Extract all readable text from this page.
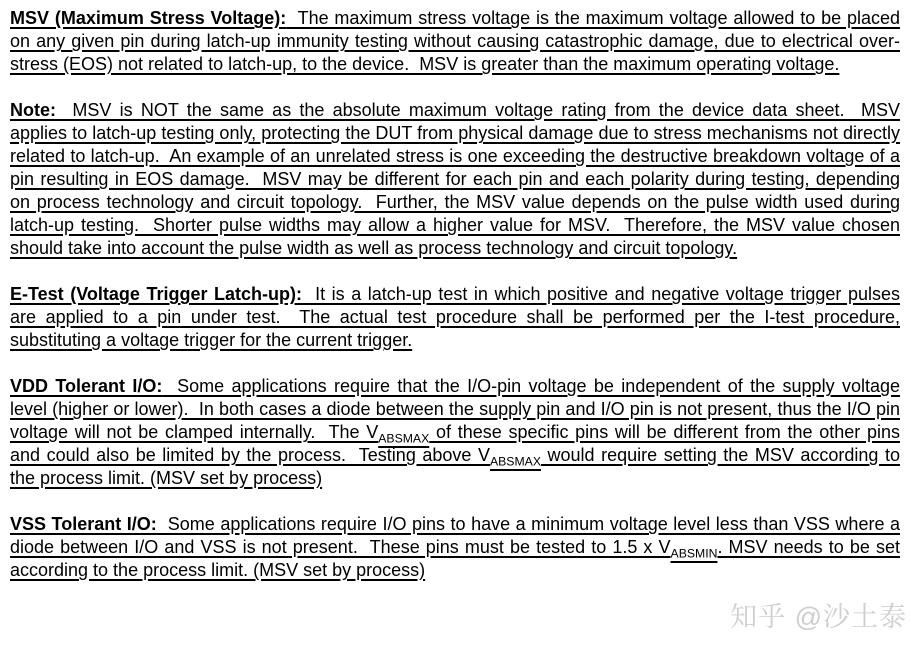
MSV (Maximum Stress Voltage):  The maximum stress voltage is the maximum voltage allowed to be placed on any given pin during latch-up immunity testing without causing catastrophic damage, due to electrical over-stress (EOS) not related to latch-up, to the device.  MSV is greater than the maximum operating voltage.

Note:  MSV is NOT the same as the absolute maximum voltage rating from the device data sheet.  MSV applies to latch-up testing only, protecting the DUT from physical damage due to stress mechanisms not directly related to latch-up.  An example of an unrelated stress is one exceeding the destructive breakdown voltage of a pin resulting in EOS damage.  MSV may be different for each pin and each polarity during testing, depending on process technology and circuit topology.  Further, the MSV value depends on the pulse width used during latch-up testing.  Shorter pulse widths may allow a higher value for MSV.  Therefore, the MSV value chosen should take into account the pulse width as well as process technology and circuit topology.

E-Test (Voltage Trigger Latch-up):  It is a latch-up test in which positive and negative voltage trigger pulses are applied to a pin under test.  The actual test procedure shall be performed per the I-test procedure, substituting a voltage trigger for the current trigger.

VDD Tolerant I/O:  Some applications require that the I/O-pin voltage be independent of the supply voltage level (higher or lower).  In both cases a diode between the supply pin and I/O pin is not present, thus the I/O pin voltage will not be clamped internally.  The $V_{ABSMAX}$ of these specific pins will be different from the other pins and could also be limited by the process.  Testing above $V_{ABSMAX}$ would require setting the MSV according to the process limit. (MSV set by process)

VSS Tolerant I/O:  Some applications require I/O pins to have a minimum voltage level less than VSS where a diode between I/O and VSS is not present.  These pins must be tested to 1.5 x $V_{ABSMIN}$. MSV needs to be set according to the process limit. (MSV set by process)

知乎 @沙土泰
